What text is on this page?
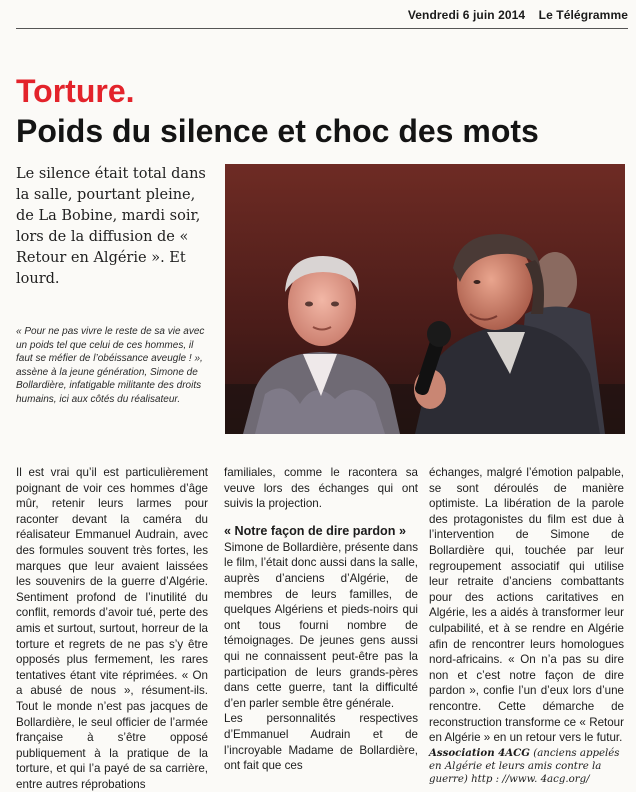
Vendredi 6 juin 2014 Le Télégramme
Torture.
Poids du silence et choc des mots
Le silence était total dans la salle, pourtant pleine, de La Bobine, mardi soir, lors de la diffusion de « Retour en Algérie ». Et lourd.
« Pour ne pas vivre le reste de sa vie avec un poids tel que celui de ces hommes, il faut se méfier de l’obéissance aveugle ! », assène à la jeune génération, Simone de Bollardière, infatigable militante des droits humains, ici aux côtés du réalisateur.
Il est vrai qu’il est particulièrement poignant de voir ces hommes d’âge mûr, retenir leurs larmes pour raconter devant la caméra du réalisateur Emmanuel Audrain, avec des formules souvent très fortes, les marques que leur avaient laissées les souvenirs de la guerre d’Algérie. Sentiment profond de l’inutilité du conflit, remords d’avoir tué, perte des amis et surtout, surtout, horreur de la torture et regrets de ne pas s’y être opposés plus fermement, les rares tentatives étant vite réprimées. « On a abusé de nous », résument-ils. Tout le monde n’est pas jacques de Bollardière, le seul officier de l’armée française à s’être opposé publiquement à la pratique de la torture, et qui l’a payé de sa carrière, entre autres réprobations

familiales, comme le racontera sa veuve lors des échanges qui ont suivis la projection.

« Notre façon de dire pardon »

Simone de Bollardière, présente dans le film, l’était donc aussi dans la salle, auprès d’anciens d’Algérie, de membres de leurs familles, de quelques Algériens et pieds-noirs qui ont tous fourni nombre de témoignages. De jeunes gens aussi qui ne connaissent peut-être pas la participation de leurs grands-pères dans cette guerre, tant la difficulté d’en parler semble être générale.

Les personnalités respectives d’Emmanuel Audrain et de l’incroyable Madame de Bollardière, ont fait que ces

échanges, malgré l’émotion palpable, se sont déroulés de manière optimiste. La libération de la parole des protagonistes du film est due à l’intervention de Simone de Bollardière qui, touchée par leur regroupement associatif qui utilise leur retraite d’anciens combattants pour des actions caritatives en Algérie, les a aidés à transformer leur culpabilité, et à se rendre en Algérie afin de rencontrer leurs homologues nord-africains. « On n’a pas su dire non et c’est notre façon de dire pardon », confie l’un d’eux lors d’une rencontre. Cette démarche de reconstruction transforme ce « Retour en Algérie » en un retour vers le futur.
Association 4ACG (anciens appelés en Algérie et leurs amis contre la guerre) http : //www. 4acg.org/
